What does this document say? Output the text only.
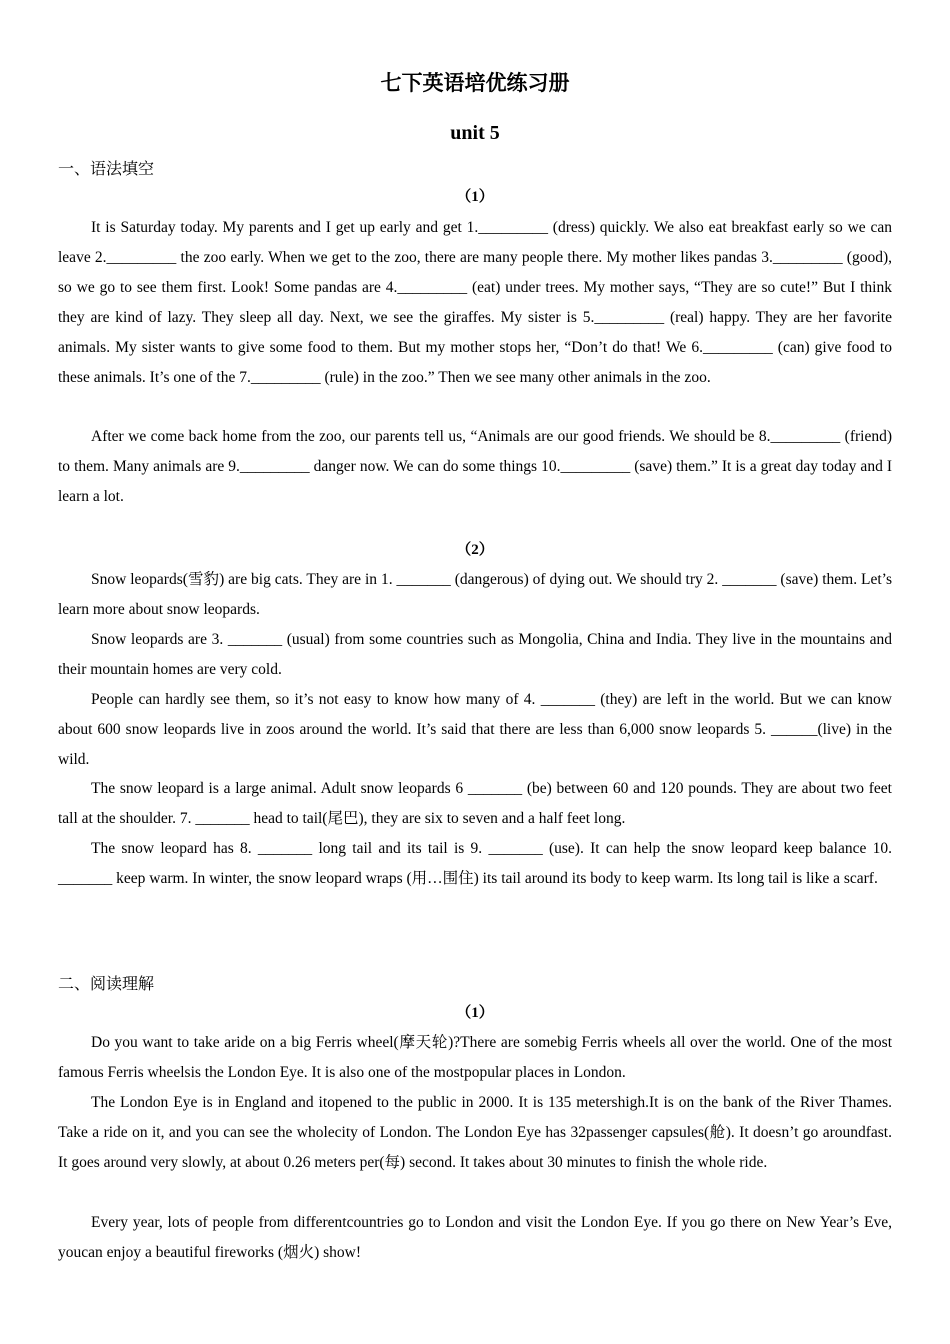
七下英语培优练习册
unit 5
一、语法填空
（1）

It is Saturday today. My parents and I get up early and get 1._________ (dress) quickly. We also eat breakfast early so we can leave 2._________ the zoo early. When we get to the zoo, there are many people there. My mother likes pandas 3._________ (good), so we go to see them first. Look! Some pandas are 4._________ (eat) under trees. My mother says, “They are so cute!” But I think they are kind of lazy. They sleep all day. Next, we see the giraffes. My sister is 5._________ (real) happy. They are her favorite animals. My sister wants to give some food to them. But my mother stops her, “Don’t do that! We 6._________ (can) give food to these animals. It’s one of the 7._________ (rule) in the zoo.” Then we see many other animals in the zoo.

After we come back home from the zoo, our parents tell us, “Animals are our good friends. We should be 8._________ (friend) to them. Many animals are 9._________ danger now. We can do some things 10._________ (save) them.” It is a great day today and I learn a lot.

（2）

Snow leopards(雪豹) are big cats. They are in 1. _______ (dangerous) of dying out. We should try 2. _______ (save) them. Let’s learn more about snow leopards.

Snow leopards are 3. _______ (usual) from some countries such as Mongolia, China and India. They live in the mountains and their mountain homes are very cold.

People can hardly see them, so it’s not easy to know how many of 4. _______ (they) are left in the world. But we can know about 600 snow leopards live in zoos around the world. It’s said that there are less than 6,000 snow leopards 5. ______(live) in the wild.

The snow leopard is a large animal. Adult snow leopards 6 _______ (be) between 60 and 120 pounds. They are about two feet tall at the shoulder. 7. _______ head to tail(尾巴), they are six to seven and a half feet long.

The snow leopard has 8. _______ long tail and its tail is 9. _______ (use). It can help the snow leopard keep balance 10. _______ keep warm. In winter, the snow leopard wraps (用…围住) its tail around its body to keep warm. Its long tail is like a scarf.

二、阅读理解
（1）

Do you want to take aride on a big Ferris wheel(摩天轮)?There are somebig Ferris wheels all over the world. One of the most famous Ferris wheelsis the London Eye. It is also one of the mostpopular places in London.

The London Eye is in England and itopened to the public in 2000. It is 135 metershigh.It is on the bank of the River Thames. Take a ride on it, and you can see the wholecity of London. The London Eye has 32passenger capsules(舱). It doesn’t go aroundfast. It goes around very slowly, at about 0.26 meters per(每) second. It takes about 30 minutes to finish the whole ride.

Every year, lots of people from differentcountries go to London and visit the London Eye. If you go there on New Year’s Eve, youcan enjoy a beautiful fireworks (烟火) show!
